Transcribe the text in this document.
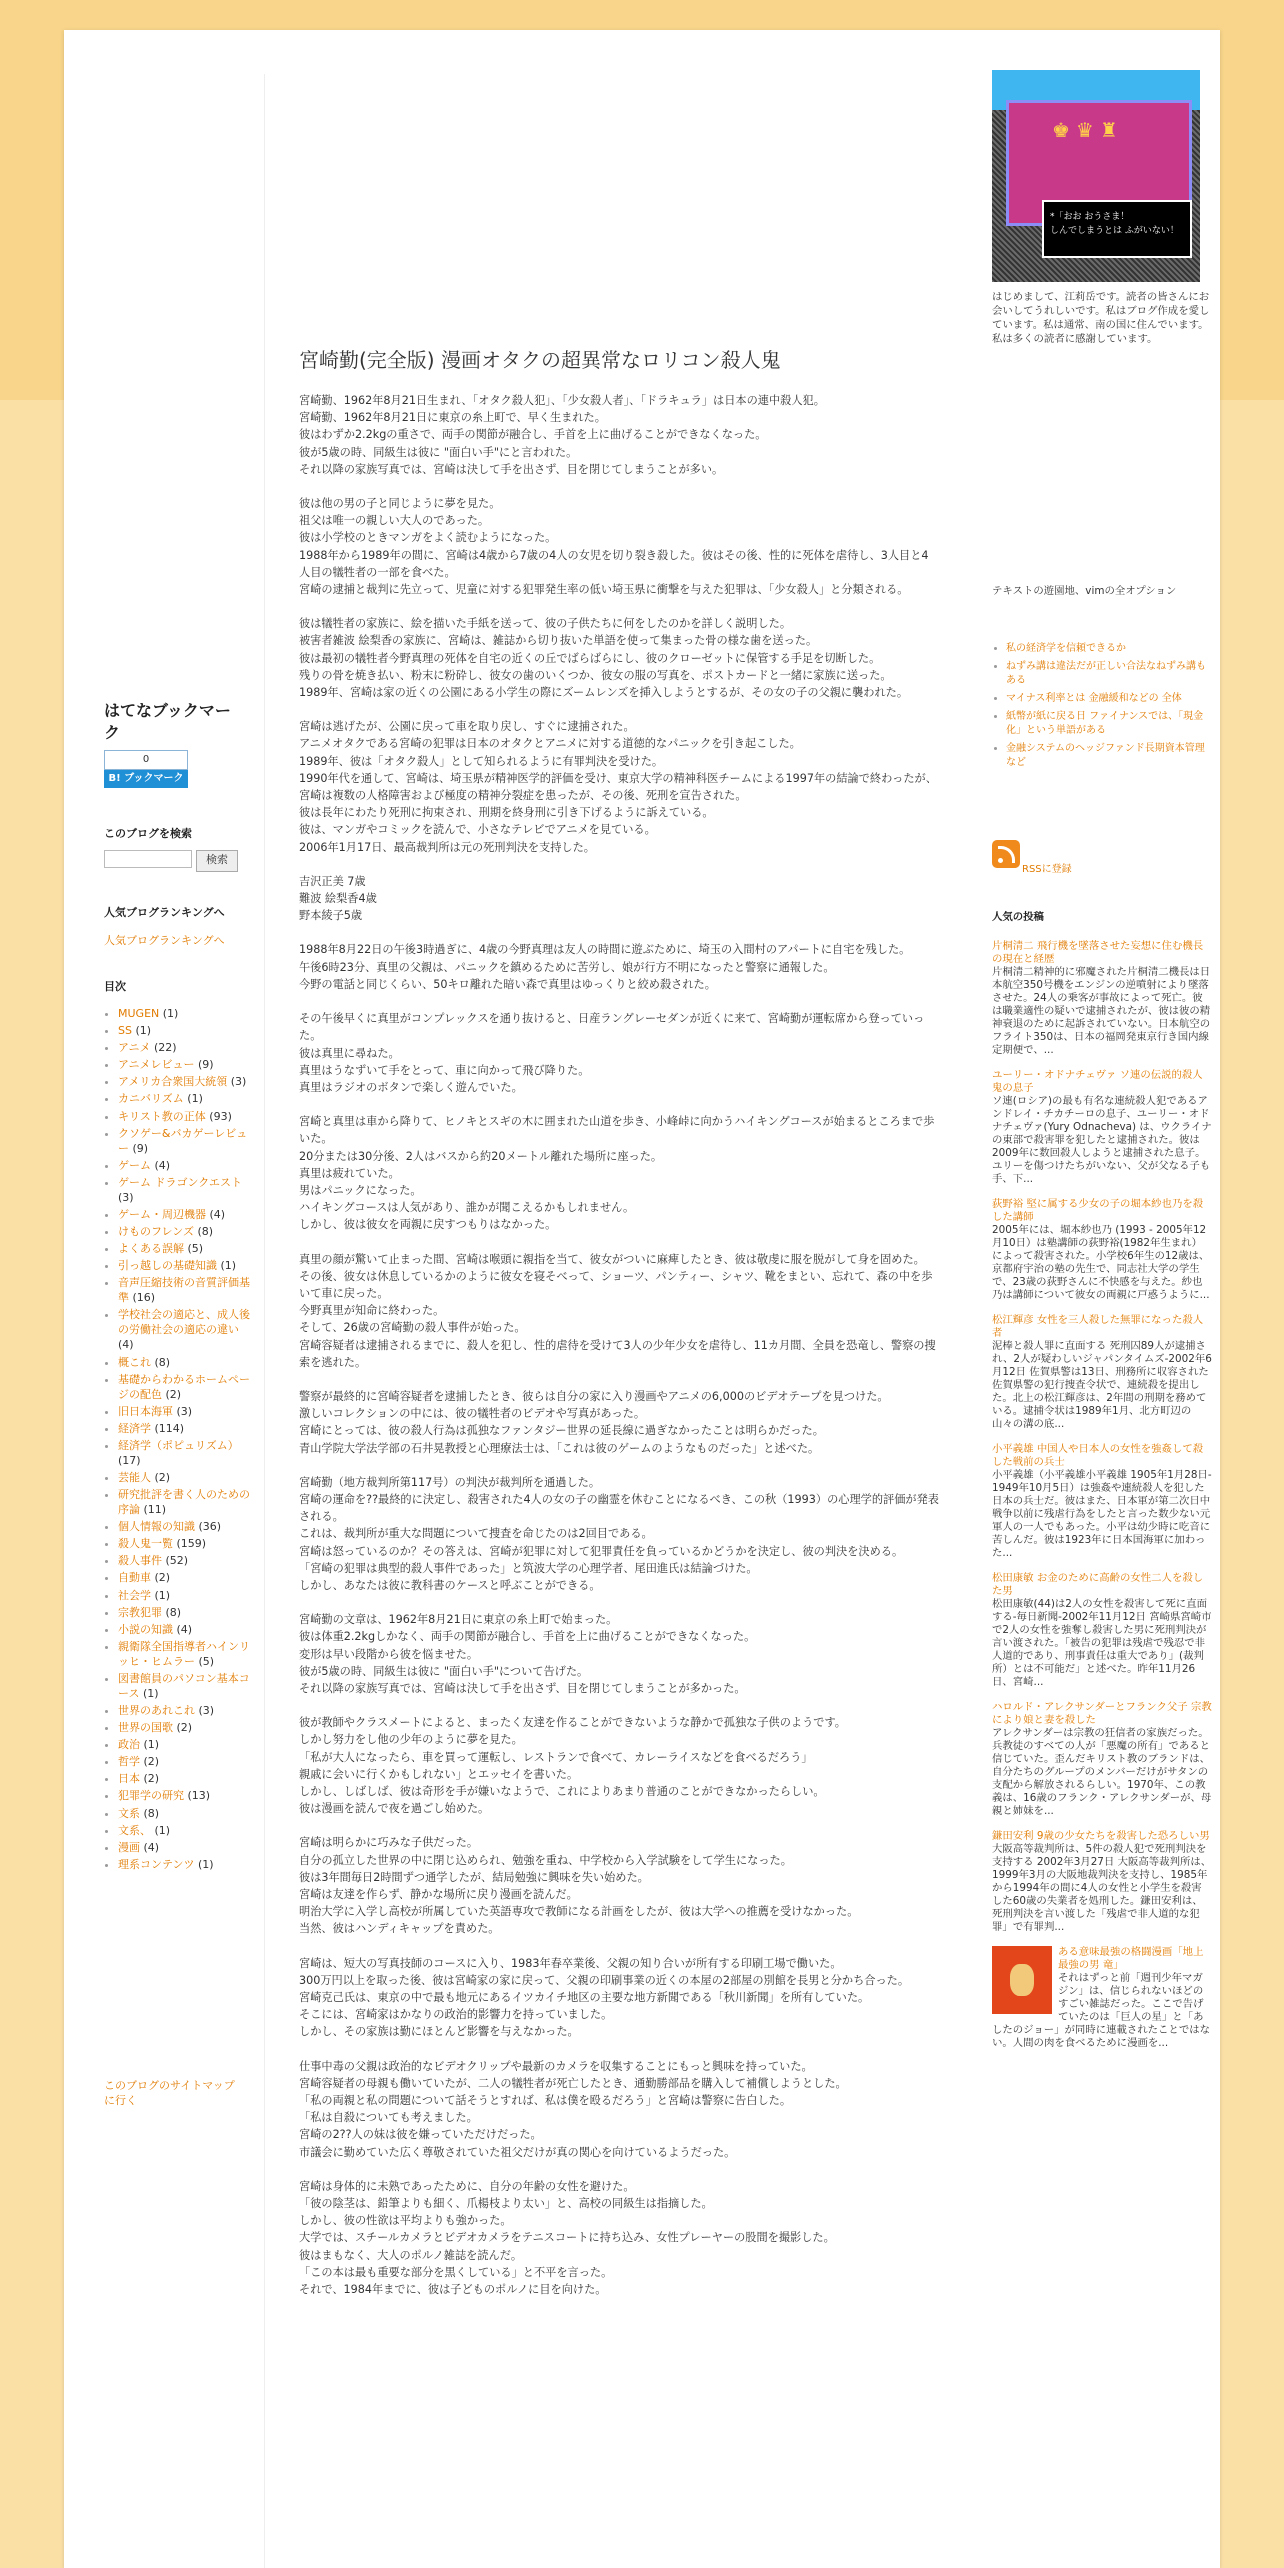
はてなブックマーク
0
B! ブックマーク
このブログを検索
検索
人気ブログランキングへ
人気ブログランキングへ
目次
• MUGEN (1)
• SS (1)
• アニメ (22)
• アニメレビュー (9)
• アメリカ合衆国大統領 (3)
• カニバリズム (1)
• キリスト教の正体 (93)
• クソゲー&バカゲーレビュー (9)
• ゲーム (4)
• ゲーム ドラゴンクエスト (3)
• ゲーム・周辺機器 (4)
• けものフレンズ (8)
• よくある誤解 (5)
• 引っ越しの基礎知識 (1)
• 音声圧縮技術の音質評価基準 (16)
• 学校社会の適応と、成人後の労働社会の適応の違い (4)
• 概これ (8)
• 基礎からわかるホームページの配色 (2)
• 旧日本海軍 (3)
• 経済学 (114)
• 経済学（ポピュリズム） (17)
• 芸能人 (2)
• 研究批評を書く人のための序論 (11)
• 個人情報の知識 (36)
• 殺人鬼一覧 (159)
• 殺人事件 (52)
• 自動車 (2)
• 社会学 (1)
• 宗教犯罪 (8)
• 小説の知識 (4)
• 親衛隊全国指導者ハインリッヒ・ヒムラー (5)
• 図書館員のパソコン基本コース (1)
• 世界のあれこれ (3)
• 世界の国歌 (2)
• 政治 (1)
• 哲学 (2)
• 日本 (2)
• 犯罪学の研究 (13)
• 文系 (8)
• 文系、 (1)
• 漫画 (4)
• 理系コンテンツ (1)
このブログのサイトマップに行く
宮崎勤(完全版) 漫画オタクの超異常なロリコン殺人鬼

宮崎勤、1962年8月21日生まれ、「オタク殺人犯」、「少女殺人者」、「ドラキュラ」は日本の連中殺人犯。
宮崎勤、1962年8月21日に東京の糸上町で、早く生まれた。
彼はわずか2.2kgの重さで、両手の関節が融合し、手首を上に曲げることができなくなった。
彼が5歳の時、同級生は彼に "面白い手"にと言われた。
それ以降の家族写真では、宮崎は決して手を出さず、目を閉じてしまうことが多い。

彼は他の男の子と同じように夢を見た。
祖父は唯一の親しい大人のであった。
彼は小学校のときマンガをよく読むようになった。
1988年から1989年の間に、宮崎は4歳から7歳の4人の女児を切り裂き殺した。彼はその後、性的に死体を虐待し、3人目と4人目の犠牲者の一部を食べた。
宮崎の逮捕と裁判に先立って、児童に対する犯罪発生率の低い埼玉県に衝撃を与えた犯罪は、「少女殺人」と分類される。

彼は犠牲者の家族に、絵を描いた手紙を送って、彼の子供たちに何をしたのかを詳しく説明した。
被害者雑波 絵梨香の家族に、宮崎は、雑誌から切り抜いた単語を使って集まった骨の様な歯を送った。
彼は最初の犠牲者今野真理の死体を自宅の近くの丘でばらばらにし、彼のクローゼットに保管する手足を切断した。
残りの骨を焼き払い、粉末に粉砕し、彼女の歯のいくつか、彼女の服の写真を、ポストカードと一緒に家族に送った。
1989年、宮崎は家の近くの公園にある小学生の際にズームレンズを挿入しようとするが、その女の子の父親に襲われた。

宮崎は逃げたが、公園に戻って車を取り戻し、すぐに逮捕された。
アニメオタクである宮崎の犯罪は日本のオタクとアニメに対する道徳的なパニックを引き起こした。
1989年、彼は「オタク殺人」として知られるように有罪判決を受けた。
1990年代を通して、宮崎は、埼玉県が精神医学的評価を受け、東京大学の精神科医チームによる1997年の結論で終わったが、宮崎は複数の人格障害および極度の精神分裂症を患ったが、その後、死刑を宣告された。
彼は長年にわたり死刑に拘束され、刑期を終身刑に引き下げるように訴えている。
彼は、マンガやコミックを読んで、小さなテレビでアニメを見ている。
2006年1月17日、最高裁判所は元の死刑判決を支持した。

吉沢正美 7歳
難波 絵梨香4歳
野本綾子5歳

1988年8月22日の午後3時過ぎに、4歳の今野真理は友人の時間に遊ぶために、埼玉の入間村のアパートに自宅を残した。
午後6時23分、真里の父親は、パニックを鎮めるために苦労し、娘が行方不明になったと警察に通報した。
今野の電話と同じくらい、50キロ離れた暗い森で真里はゆっくりと絞め殺された。

その午後早くに真里がコンプレックスを通り抜けると、日産ラングレーセダンが近くに来て、宮崎勤が運転席から登っていった。
彼は真里に尋ねた。
真里はうなずいて手をとって、車に向かって飛び降りた。
真里はラジオのボタンで楽しく遊んでいた。

宮崎と真里は車から降りて、ヒノキとスギの木に囲まれた山道を歩き、小峰峠に向かうハイキングコースが始まるところまで歩いた。
20分または30分後、2人はバスから約20メートル離れた場所に座った。
真里は疲れていた。
男はパニックになった。
ハイキングコースは人気があり、誰かが聞こえるかもしれません。
しかし、彼は彼女を両親に戻すつもりはなかった。

真里の顔が驚いて止まった間、宮崎は喉頭に親指を当て、彼女がついに麻痺したとき、彼は敬虔に服を脱がして身を固めた。
その後、彼女は休息しているかのように彼女を寝そべって、ショーツ、パンティー、シャツ、靴をまとい、忘れて、森の中を歩いて車に戻った。
今野真里が知命に終わった。
そして、26歳の宮崎勤の殺人事件が始った。
宮崎容疑者は逮捕されるまでに、殺人を犯し、性的虐待を受けて3人の少年少女を虐待し、11カ月間、全員を恐竜し、警察の捜索を逃れた。

警察が最終的に宮崎容疑者を逮捕したとき、彼らは自分の家に入り漫画やアニメの6,000のビデオテープを見つけた。
激しいコレクションの中には、彼の犠牲者のビデオや写真があった。
宮崎にとっては、彼の殺人行為は孤独なファンタジー世界の延長線に過ぎなかったことは明らかだった。
青山学院大学法学部の石井晃教授と心理療法士は、「これは彼のゲームのようなものだった」と述べた。

宮崎勤（地方裁判所第117号）の判決が裁判所を通過した。
宮崎の運命を??最終的に決定し、殺害された4人の女の子の幽霊を休むことになるべき、この秋（1993）の心理学的評価が発表される。
これは、裁判所が重大な問題について捜査を命じたのは2回目である。
宮崎は怒っているのか？その答えは、宮崎が犯罪に対して犯罪責任を負っているかどうかを決定し、彼の判決を決める。
「宮崎の犯罪は典型的殺人事件であった」と筑波大学の心理学者、尾田進氏は結論づけた。
しかし、あなたは彼に教科書のケースと呼ぶことができる。

宮崎勤の文章は、1962年8月21日に東京の糸上町で始まった。
彼は体重2.2kgしかなく、両手の関節が融合し、手首を上に曲げることができなくなった。
変形は早い段階から彼を悩ませた。
彼が5歳の時、同級生は彼に "面白い手"について告げた。
それ以降の家族写真では、宮崎は決して手を出さず、目を閉じてしまうことが多かった。

彼が教師やクラスメートによると、まったく友達を作ることができないような静かで孤独な子供のようです。
しかし努力をし他の少年のように夢を見た。
「私が大人になったら、車を買って運転し、レストランで食べて、カレーライスなどを食べるだろう」
親戚に会いに行くかもしれない」とエッセイを書いた。
しかし、しばしば、彼は奇形を手が嫌いなようで、これによりあまり普通のことができなかったらしい。
彼は漫画を読んで夜を過ごし始めた。

宮崎は明らかに巧みな子供だった。
自分の孤立した世界の中に閉じ込められ、勉強を重ね、中学校から入学試験をして学生になった。
彼は3年間毎日2時間ずつ通学したが、結局勉強に興味を失い始めた。
宮崎は友達を作らず、静かな場所に戻り漫画を読んだ。
明治大学に入学し高校が所属していた英語専攻で教師になる計画をしたが、彼は大学への推薦を受けなかった。
当然、彼はハンディキャップを責めた。

宮崎は、短大の写真技師のコースに入り、1983年春卒業後、父親の知り合いが所有する印刷工場で働いた。
300万円以上を取った後、彼は宮崎家の家に戻って、父親の印刷事業の近くの本屋の2部屋の別館を長男と分かち合った。
宮崎克己氏は、東京の中で最も地元にあるイツカイチ地区の主要な地方新聞である「秋川新聞」を所有していた。
そこには、宮崎家はかなりの政治的影響力を持っていました。
しかし、その家族は勤にほとんど影響を与えなかった。

仕事中毒の父親は政治的なビデオクリップや最新のカメラを収集することにもっと興味を持っていた。
宮崎容疑者の母親も働いていたが、二人の犠牲者が死亡したとき、通勤勝部品を購入して補償しようとした。
「私の両親と私の問題について話そうとすれば、私は僕を殴るだろう」と宮崎は警察に告白した。
「私は自殺についても考えました。
宮崎の2??人の妹は彼を嫌っていただけだった。
市議会に勤めていた広く尊敬されていた祖父だけが真の関心を向けているようだった。

宮崎は身体的に未熟であったために、自分の年齢の女性を避けた。
「彼の陰茎は、鉛筆よりも細く、爪楊枝より太い」と、高校の同級生は指摘した。
しかし、彼の性欲は平均よりも強かった。
大学では、スチールカメラとビデオカメラをテニスコートに持ち込み、女性プレーヤーの股間を撮影した。
彼はまもなく、大人のポルノ雑誌を読んだ。
「この本は最も重要な部分を黒くしている」と不平を言った。
それで、1984年までに、彼は子どものポルノに目を向けた。

♚♛♜
*「おお おうさま！
しんでしまうとは ふがいない！
はじめまして、江莉岳です。読者の皆さんにお会いしてうれしいです。私はブログ作成を愛しています。私は通常、南の国に住んでいます。私は多くの読者に感謝しています。
テキストの遊園地、vimの全オプション
• 私の経済学を信頼できるか
• ねずみ講は違法だが正しい合法なねずみ講もある
• マイナス利率とは 金融緩和などの 全体
• 紙幣が紙に戻る日 ファイナンスでは、「現金化」という単語がある
• 金融システムのヘッジファンド長期資本管理など
RSSに登録
人気の投稿
片桐清二 飛行機を墜落させた妄想に住む機長の現在と経歴
片桐清二精神的に邪魔された片桐清二機長は日本航空350号機をエンジンの逆噴射により墜落させた。24人の乗客が事故によって死亡。彼は職業適性の疑いで逮捕されたが、彼は彼の精神衰退のために起訴されていない。日本航空のフライト350は、日本の福岡発東京行き国内線定期便で、...
ユーリー・オドナチェヴァ ソ連の伝説的殺人鬼の息子
ソ連(ロシア)の最も有名な連続殺人犯であるアンドレイ・チカチーロの息子、ユーリー・オドナチェヴァ(Yury Odnacheva) は、ウクライナの東部で殺害罪を犯したと逮捕された。彼は2009年に数回殺人しようと逮捕された息子。ユリーを傷つけたちがいない、父が父なる子も手、下...
荻野裕 堅に属する少女の子の堀本紗也乃を殺した講師
2005年には、堀本紗也乃 (1993 - 2005年12月10日）は塾講師の荻野裕(1982年生まれ）によって殺害された。小学校6年生の12歳は、京都府宇治の塾の先生で、同志社大学の学生で、23歳の荻野さんに不快感を与えた。紗也乃は講師について彼女の両親に戸惑うように...
松江輝彦 女性を三人殺した無罪になった殺人者
泥棒と殺人罪に直面する 死刑囚89人が逮捕され、2人が疑わしいジャパンタイムズ-2002年6月12日 佐賀県警は13日、刑務所に収容された佐賀県警の犯行捜査令状で、連続殺を提出した。北上の松江輝彦は、2年間の刑期を務めている。逮捕令状は1989年1月、北方町辺の山々の溝の底...
小平義雄 中国人や日本人の女性を強姦して殺した戦前の兵士
小平義雄（小平義雄小平義雄 1905年1月28日- 1949年10月5日）は強姦や連続殺人を犯した日本の兵士だ。彼はまた、日本軍が第二次日中戦争以前に残虐行為をしたと言った数少ない元軍人の一人でもあった。小平は幼少時に吃音に苦しんだ。彼は1923年に日本国海軍に加わった...
松田康敏 お金のために高齢の女性二人を殺した男
松田康敏(44)は2人の女性を殺害して死に直面する-毎日新聞-2002年11月12日 宮崎県宮崎市で2人の女性を強奪し殺害した男に死刑判決が言い渡された。「被告の犯罪は残虐で残忍で非人道的であり、刑事責任は重大であり」(裁判所）とは不可能だ」と述べた。昨年11月26日、宮崎...
ハロルド・アレクサンダーとフランク父子 宗教により娘と妻を殺した
アレクサンダーは宗教の狂信者の家族だった。兵教徒のすべての人が「悪魔の所有」であると信じていた。歪んだキリスト教のブランドは、自分たちのグループのメンバーだけがサタンの支配から解放されるらしい。1970年、この教義は、16歳のフランク・アレクサンダーが、母親と姉妹を...
鎌田安利 9歳の少女たちを殺害した恐ろしい男
大阪高等裁判所は、5件の殺人犯で死刑判決を支持する 2002年3月27日 大阪高等裁判所は、1999年3月の大阪地裁判決を支持し、1985年から1994年の間に4人の女性と小学生を殺害した60歳の失業者を処刑した。鎌田安利は、死刑判決を言い渡した「残虐で非人道的な犯罪」で有罪判...
ある意味最強の格闘漫画「地上最強の男 竜」
それはずっと前「週刊少年マガジン」は、信じられないほどのすごい雑誌だった。ここで告げていたのは「巨人の星」と「あしたのジョー」が同時に連載されたことではない。人間の肉を食べるために漫画を...
